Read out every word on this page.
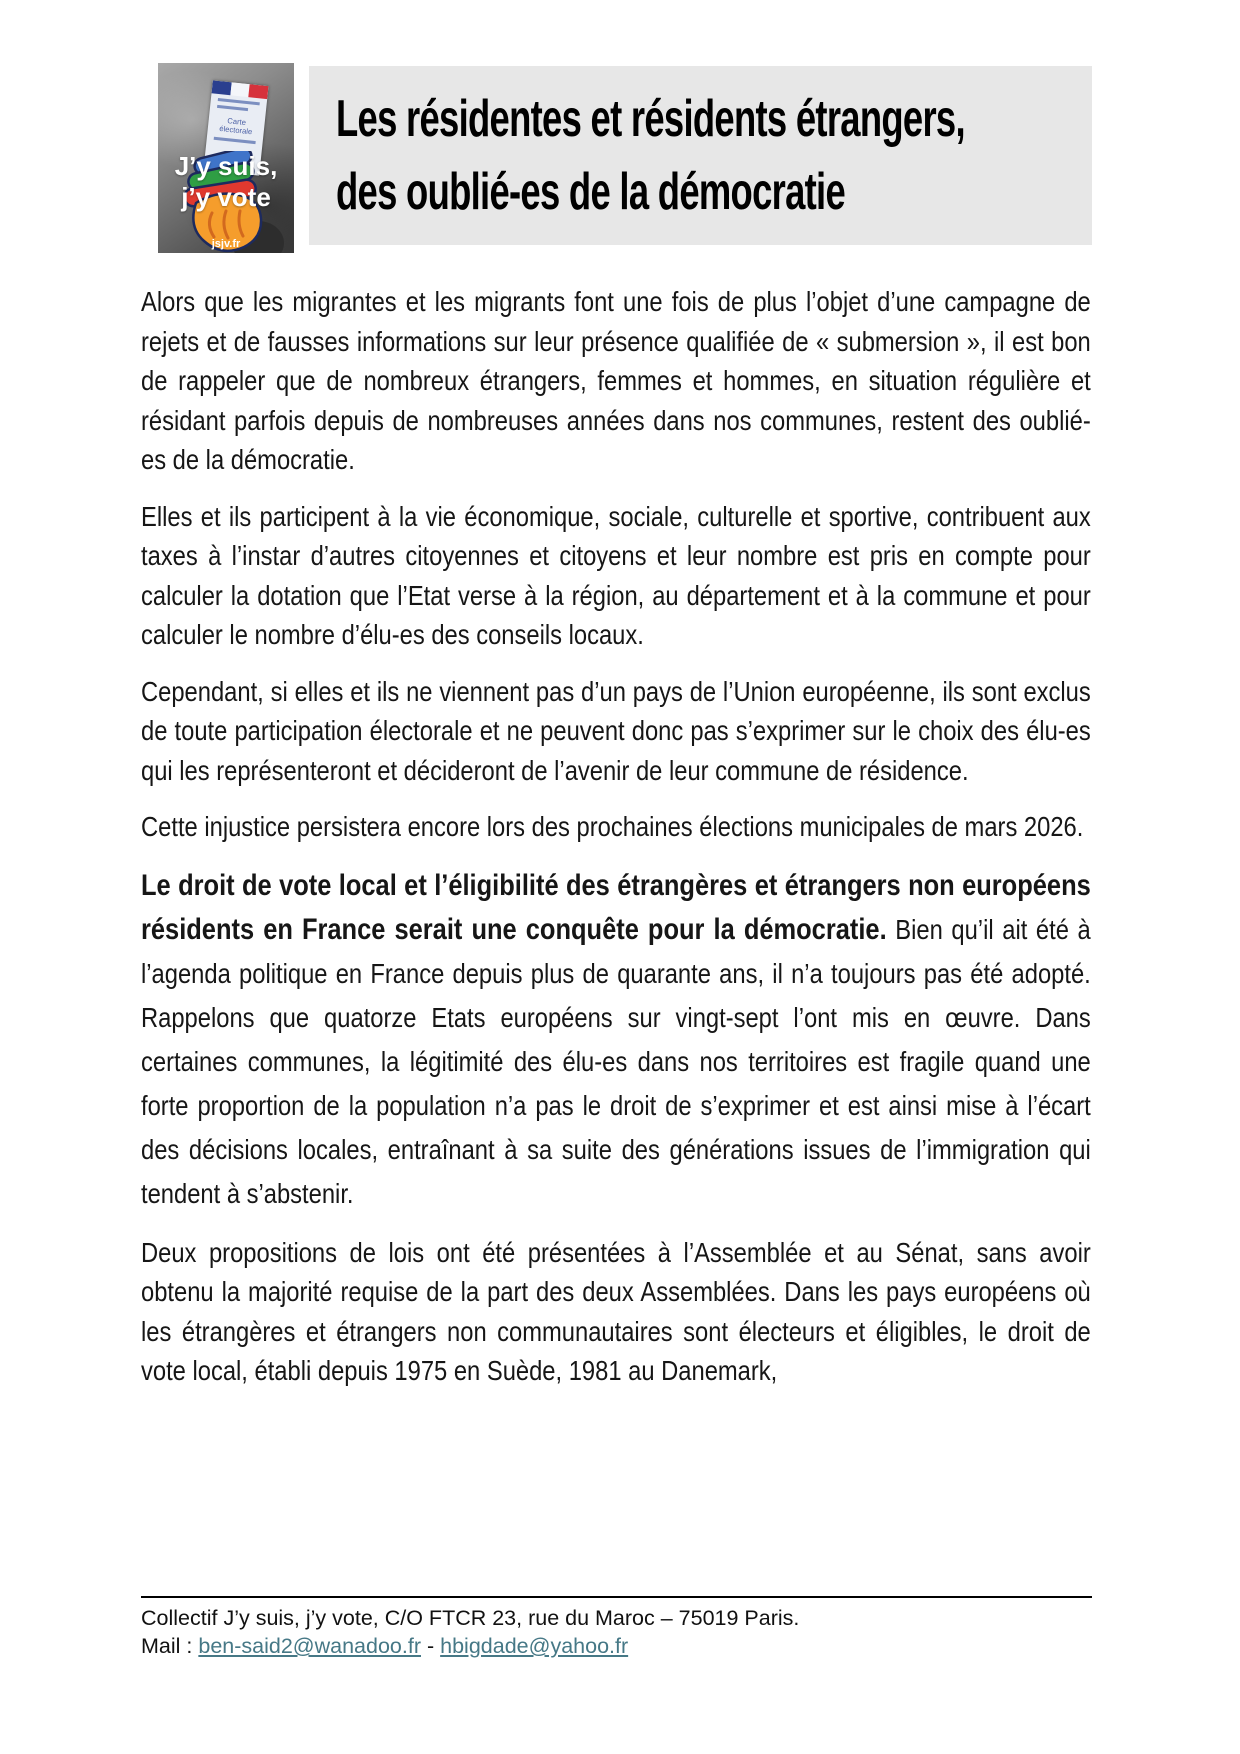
Carte électorale
J’y suis,
j’y vote
jsjv.fr
Les résidentes et résidents étrangers,
des oublié-es de la démocratie

Alors que les migrantes et les migrants font une fois de plus l’objet d’une campagne de rejets et de fausses informations sur leur présence qualifiée de « submersion », il est bon de rappeler que de nombreux étrangers, femmes et hommes, en situation régulière et résidant parfois depuis de nombreuses années dans nos communes, restent des oublié-es de la démocratie.

Elles et ils participent à la vie économique, sociale, culturelle et sportive, contribuent aux taxes à l’instar d’autres citoyennes et citoyens et leur nombre est pris en compte pour calculer la dotation que l’Etat verse à la région, au département et à la commune et pour calculer le nombre d’élu-es des conseils locaux.

Cependant, si elles et ils ne viennent pas d’un pays de l’Union européenne, ils sont exclus de toute participation électorale et ne peuvent donc pas s’exprimer sur le choix des élu-es qui les représenteront et décideront de l’avenir de leur commune de résidence.

Cette injustice persistera encore lors des prochaines élections municipales de mars 2026.

Le droit de vote local et l’éligibilité des étrangères et étrangers non européens résidents en France serait une conquête pour la démocratie. Bien qu’il ait été à l’agenda politique en France depuis plus de quarante ans, il n’a toujours pas été adopté. Rappelons que quatorze Etats européens sur vingt-sept l’ont mis en œuvre. Dans certaines communes, la légitimité des élu-es dans nos territoires est fragile quand une forte proportion de la population n’a pas le droit de s’exprimer et est ainsi mise à l’écart des décisions locales, entraînant à sa suite des générations issues de l’immigration qui tendent à s’abstenir.

Deux propositions de lois ont été présentées à l’Assemblée et au Sénat, sans avoir obtenu la majorité requise de la part des deux Assemblées. Dans les pays européens où les étrangères et étrangers non communautaires sont électeurs et éligibles, le droit de vote local, établi depuis 1975 en Suède, 1981 au Danemark,

Collectif J’y suis, j’y vote, C/O FTCR 23, rue du Maroc – 75019 Paris.

Mail : ben-said2@wanadoo.fr - hbigdade@yahoo.fr
